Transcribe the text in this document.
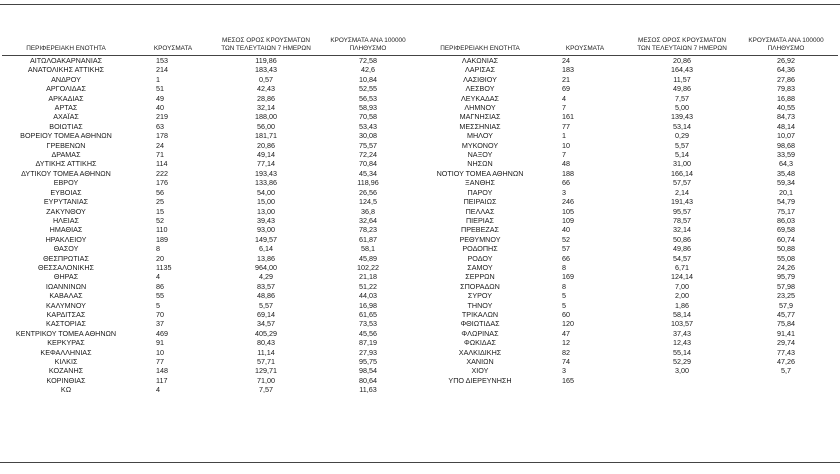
ΠΕΡΙΦΕΡΕΙΑΚΗ ΕΝΟΤΗΤΑ	ΚΡΟΥΣΜΑΤΑ	ΜΕΣΟΣ ΟΡΟΣ ΚΡΟΥΣΜΑΤΩΝ ΤΩΝ ΤΕΛΕΥΤΑΙΩΝ 7 ΗΜΕΡΩΝ	ΚΡΟΥΣΜΑΤΑ ΑΝΑ 100000 ΠΛΗΘΥΣΜΟ
ΑΙΤΩΛΟΑΚΑΡΝΑΝΙΑΣ	153	119,86	72,58
ΑΝΑΤΟΛΙΚΗΣ ΑΤΤΙΚΗΣ	214	183,43	42,6
ΑΝΔΡΟΥ	1	0,57	10,84
ΑΡΓΟΛΙΔΑΣ	51	42,43	52,55
ΑΡΚΑΔΙΑΣ	49	28,86	56,53
ΑΡΤΑΣ	40	32,14	58,93
ΑΧΑΪΑΣ	219	188,00	70,58
ΒΟΙΩΤΙΑΣ	63	56,00	53,43
ΒΟΡΕΙΟΥ ΤΟΜΕΑ ΑΘΗΝΩΝ	178	181,71	30,08
ΓΡΕΒΕΝΩΝ	24	20,86	75,57
ΔΡΑΜΑΣ	71	49,14	72,24
ΔΥΤΙΚΗΣ ΑΤΤΙΚΗΣ	114	77,14	70,84
ΔΥΤΙΚΟΥ ΤΟΜΕΑ ΑΘΗΝΩΝ	222	193,43	45,34
ΕΒΡΟΥ	176	133,86	118,96
ΕΥΒΟΙΑΣ	56	54,00	26,56
ΕΥΡΥΤΑΝΙΑΣ	25	15,00	124,5
ΖΑΚΥΝΘΟΥ	15	13,00	36,8
ΗΛΕΙΑΣ	52	39,43	32,64
ΗΜΑΘΙΑΣ	110	93,00	78,23
ΗΡΑΚΛΕΙΟΥ	189	149,57	61,87
ΘΑΣΟΥ	8	6,14	58,1
ΘΕΣΠΡΩΤΙΑΣ	20	13,86	45,89
ΘΕΣΣΑΛΟΝΙΚΗΣ	1135	964,00	102,22
ΘΗΡΑΣ	4	4,29	21,18
ΙΩΑΝΝΙΝΩΝ	86	83,57	51,22
ΚΑΒΑΛΑΣ	55	48,86	44,03
ΚΑΛΥΜΝΟΥ	5	5,57	16,98
ΚΑΡΔΙΤΣΑΣ	70	69,14	61,65
ΚΑΣΤΟΡΙΑΣ	37	34,57	73,53
ΚΕΝΤΡΙΚΟΥ ΤΟΜΕΑ ΑΘΗΝΩΝ	469	405,29	45,56
ΚΕΡΚΥΡΑΣ	91	80,43	87,19
ΚΕΦΑΛΛΗΝΙΑΣ	10	11,14	27,93
ΚΙΛΚΙΣ	77	57,71	95,75
ΚΟΖΑΝΗΣ	148	129,71	98,54
ΚΟΡΙΝΘΙΑΣ	117	71,00	80,64
ΚΩ	4	7,57	11,63
ΠΕΡΙΦΕΡΕΙΑΚΗ ΕΝΟΤΗΤΑ	ΚΡΟΥΣΜΑΤΑ	ΜΕΣΟΣ ΟΡΟΣ ΚΡΟΥΣΜΑΤΩΝ ΤΩΝ ΤΕΛΕΥΤΑΙΩΝ 7 ΗΜΕΡΩΝ	ΚΡΟΥΣΜΑΤΑ ΑΝΑ 100000 ΠΛΗΘΥΣΜΟ
ΛΑΚΩΝΙΑΣ	24	20,86	26,92
ΛΑΡΙΣΑΣ	183	164,43	64,36
ΛΑΣΙΘΙΟΥ	21	11,57	27,86
ΛΕΣΒΟΥ	69	49,86	79,83
ΛΕΥΚΑΔΑΣ	4	7,57	16,88
ΛΗΜΝΟΥ	7	5,00	40,55
ΜΑΓΝΗΣΙΑΣ	161	139,43	84,73
ΜΕΣΣΗΝΙΑΣ	77	53,14	48,14
ΜΗΛΟΥ	1	0,29	10,07
ΜΥΚΟΝΟΥ	10	5,57	98,68
ΝΑΞΟΥ	7	5,14	33,59
ΝΗΣΩΝ	48	31,00	64,3
ΝΟΤΙΟΥ ΤΟΜΕΑ ΑΘΗΝΩΝ	188	166,14	35,48
ΞΑΝΘΗΣ	66	57,57	59,34
ΠΑΡΟΥ	3	2,14	20,1
ΠΕΙΡΑΙΩΣ	246	191,43	54,79
ΠΕΛΛΑΣ	105	95,57	75,17
ΠΙΕΡΙΑΣ	109	78,57	86,03
ΠΡΕΒΕΖΑΣ	40	32,14	69,58
ΡΕΘΥΜΝΟΥ	52	50,86	60,74
ΡΟΔΟΠΗΣ	57	49,86	50,88
ΡΟΔΟΥ	66	54,57	55,08
ΣΑΜΟΥ	8	6,71	24,26
ΣΕΡΡΩΝ	169	124,14	95,79
ΣΠΟΡΑΔΩΝ	8	7,00	57,98
ΣΥΡΟΥ	5	2,00	23,25
ΤΗΝΟΥ	5	1,86	57,9
ΤΡΙΚΑΛΩΝ	60	58,14	45,77
ΦΘΙΩΤΙΔΑΣ	120	103,57	75,84
ΦΛΩΡΙΝΑΣ	47	37,43	91,41
ΦΩΚΙΔΑΣ	12	12,43	29,74
ΧΑΛΚΙΔΙΚΗΣ	82	55,14	77,43
ΧΑΝΙΩΝ	74	52,29	47,26
ΧΙΟΥ	3	3,00	5,7
ΥΠΟ ΔΙΕΡΕΥΝΗΣΗ	165		
